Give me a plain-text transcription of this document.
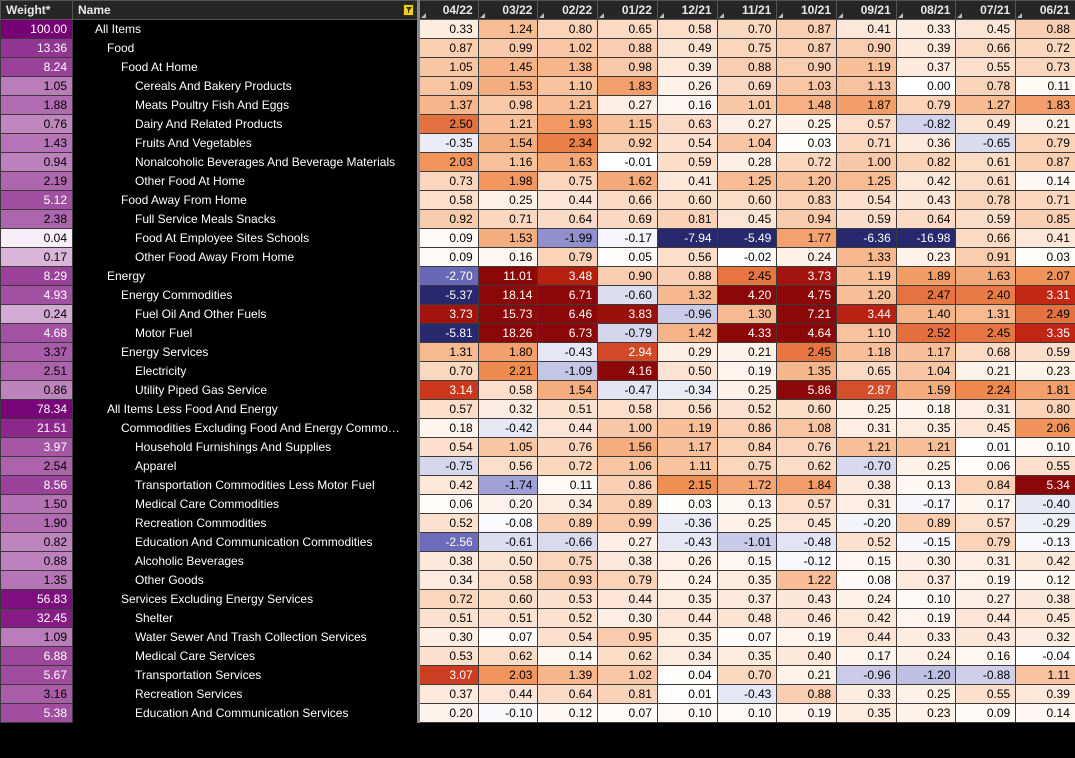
Weight*	Name	04/22	03/22	02/22	01/22	12/21	11/21	10/21	09/21	08/21	07/21	06/21
100.00	All Items	0.33	1.24	0.80	0.65	0.58	0.70	0.87	0.41	0.33	0.45	0.88
13.36	Food	0.87	0.99	1.02	0.88	0.49	0.75	0.87	0.90	0.39	0.66	0.72
8.24	Food At Home	1.05	1.45	1.38	0.98	0.39	0.88	0.90	1.19	0.37	0.55	0.73
1.05	Cereals And Bakery Products	1.09	1.53	1.10	1.83	0.26	0.69	1.03	1.13	0.00	0.78	0.11
1.88	Meats Poultry Fish And Eggs	1.37	0.98	1.21	0.27	0.16	1.01	1.48	1.87	0.79	1.27	1.83
0.76	Dairy And Related Products	2.50	1.21	1.93	1.15	0.63	0.27	0.25	0.57	-0.82	0.49	0.21
1.43	Fruits And Vegetables	-0.35	1.54	2.34	0.92	0.54	1.04	0.03	0.71	0.36	-0.65	0.79
0.94	Nonalcoholic Beverages And Beverage Materials	2.03	1.16	1.63	-0.01	0.59	0.28	0.72	1.00	0.82	0.61	0.87
2.19	Other Food At Home	0.73	1.98	0.75	1.62	0.41	1.25	1.20	1.25	0.42	0.61	0.14
5.12	Food Away From Home	0.58	0.25	0.44	0.66	0.60	0.60	0.83	0.54	0.43	0.78	0.71
2.38	Full Service Meals Snacks	0.92	0.71	0.64	0.69	0.81	0.45	0.94	0.59	0.64	0.59	0.85
0.04	Food At Employee Sites Schools	0.09	1.53	-1.99	-0.17	-7.94	-5.49	1.77	-6.36	-16.98	0.66	0.41
0.17	Other Food Away From Home	0.09	0.16	0.79	0.05	0.56	-0.02	0.24	1.33	0.23	0.91	0.03
8.29	Energy	-2.70	11.01	3.48	0.90	0.88	2.45	3.73	1.19	1.89	1.63	2.07
4.93	Energy Commodities	-5.37	18.14	6.71	-0.60	1.32	4.20	4.75	1.20	2.47	2.40	3.31
0.24	Fuel Oil And Other Fuels	3.73	15.73	6.46	3.83	-0.96	1.30	7.21	3.44	1.40	1.31	2.49
4.68	Motor Fuel	-5.81	18.26	6.73	-0.79	1.42	4.33	4.64	1.10	2.52	2.45	3.35
3.37	Energy Services	1.31	1.80	-0.43	2.94	0.29	0.21	2.45	1.18	1.17	0.68	0.59
2.51	Electricity	0.70	2.21	-1.09	4.16	0.50	0.19	1.35	0.65	1.04	0.21	0.23
0.86	Utility Piped Gas Service	3.14	0.58	1.54	-0.47	-0.34	0.25	5.86	2.87	1.59	2.24	1.81
78.34	All Items Less Food And Energy	0.57	0.32	0.51	0.58	0.56	0.52	0.60	0.25	0.18	0.31	0.80
21.51	Commodities Excluding Food And Energy Commo…	0.18	-0.42	0.44	1.00	1.19	0.86	1.08	0.31	0.35	0.45	2.06
3.97	Household Furnishings And Supplies	0.54	1.05	0.76	1.56	1.17	0.84	0.76	1.21	1.21	0.01	0.10
2.54	Apparel	-0.75	0.56	0.72	1.06	1.11	0.75	0.62	-0.70	0.25	0.06	0.55
8.56	Transportation Commodities Less Motor Fuel	0.42	-1.74	0.11	0.86	2.15	1.72	1.84	0.38	0.13	0.84	5.34
1.50	Medical Care Commodities	0.06	0.20	0.34	0.89	0.03	0.13	0.57	0.31	-0.17	0.17	-0.40
1.90	Recreation Commodities	0.52	-0.08	0.89	0.99	-0.36	0.25	0.45	-0.20	0.89	0.57	-0.29
0.82	Education And Communication Commodities	-2.56	-0.61	-0.66	0.27	-0.43	-1.01	-0.48	0.52	-0.15	0.79	-0.13
0.88	Alcoholic Beverages	0.38	0.50	0.75	0.38	0.26	0.15	-0.12	0.15	0.30	0.31	0.42
1.35	Other Goods	0.34	0.58	0.93	0.79	0.24	0.35	1.22	0.08	0.37	0.19	0.12
56.83	Services Excluding Energy Services	0.72	0.60	0.53	0.44	0.35	0.37	0.43	0.24	0.10	0.27	0.38
32.45	Shelter	0.51	0.51	0.52	0.30	0.44	0.48	0.46	0.42	0.19	0.44	0.45
1.09	Water Sewer And Trash Collection Services	0.30	0.07	0.54	0.95	0.35	0.07	0.19	0.44	0.33	0.43	0.32
6.88	Medical Care Services	0.53	0.62	0.14	0.62	0.34	0.35	0.40	0.17	0.24	0.16	-0.04
5.67	Transportation Services	3.07	2.03	1.39	1.02	0.04	0.70	0.21	-0.96	-1.20	-0.88	1.11
3.16	Recreation Services	0.37	0.44	0.64	0.81	0.01	-0.43	0.88	0.33	0.25	0.55	0.39
5.38	Education And Communication Services	0.20	-0.10	0.12	0.07	0.10	0.10	0.19	0.35	0.23	0.09	0.14
